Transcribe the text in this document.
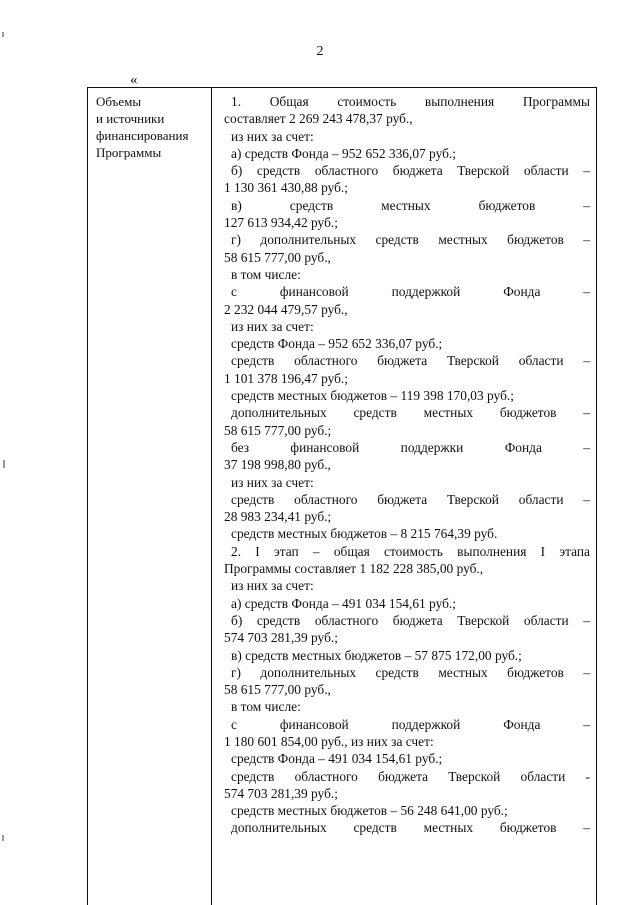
2
«
Объемы
и источники
финансирования
Программы
1. Общая стоимость выполнения Программы
составляет 2 269 243 478,37 руб.,
из них за счет:
а) средств Фонда – 952 652 336,07 руб.;
б) средств областного бюджета Тверской области –
1 130 361 430,88 руб.;
в) средств местных бюджетов –
127 613 934,42 руб.;
г) дополнительных средств местных бюджетов –
58 615 777,00 руб.,
в том числе:
с финансовой поддержкой Фонда –
2 232 044 479,57 руб.,
из них за счет:
средств Фонда – 952 652 336,07 руб.;
средств областного бюджета Тверской области –
1 101 378 196,47 руб.;
средств местных бюджетов – 119 398 170,03 руб.;
дополнительных средств местных бюджетов –
58 615 777,00 руб.;
без финансовой поддержки Фонда –
37 198 998,80 руб.,
из них за счет:
средств областного бюджета Тверской области –
28 983 234,41 руб.;
средств местных бюджетов – 8 215 764,39 руб.
2. I этап – общая стоимость выполнения I этапа
Программы составляет 1 182 228 385,00 руб.,
из них за счет:
а) средств Фонда – 491 034 154,61 руб.;
б) средств областного бюджета Тверской области –
574 703 281,39 руб.;
в) средств местных бюджетов – 57 875 172,00 руб.;
г) дополнительных средств местных бюджетов –
58 615 777,00 руб.,
в том числе:
с финансовой поддержкой Фонда –
1 180 601 854,00 руб., из них за счет:
средств Фонда – 491 034 154,61 руб.;
средств областного бюджета Тверской области -
574 703 281,39 руб.;
средств местных бюджетов – 56 248 641,00 руб.;
дополнительных средств местных бюджетов –
